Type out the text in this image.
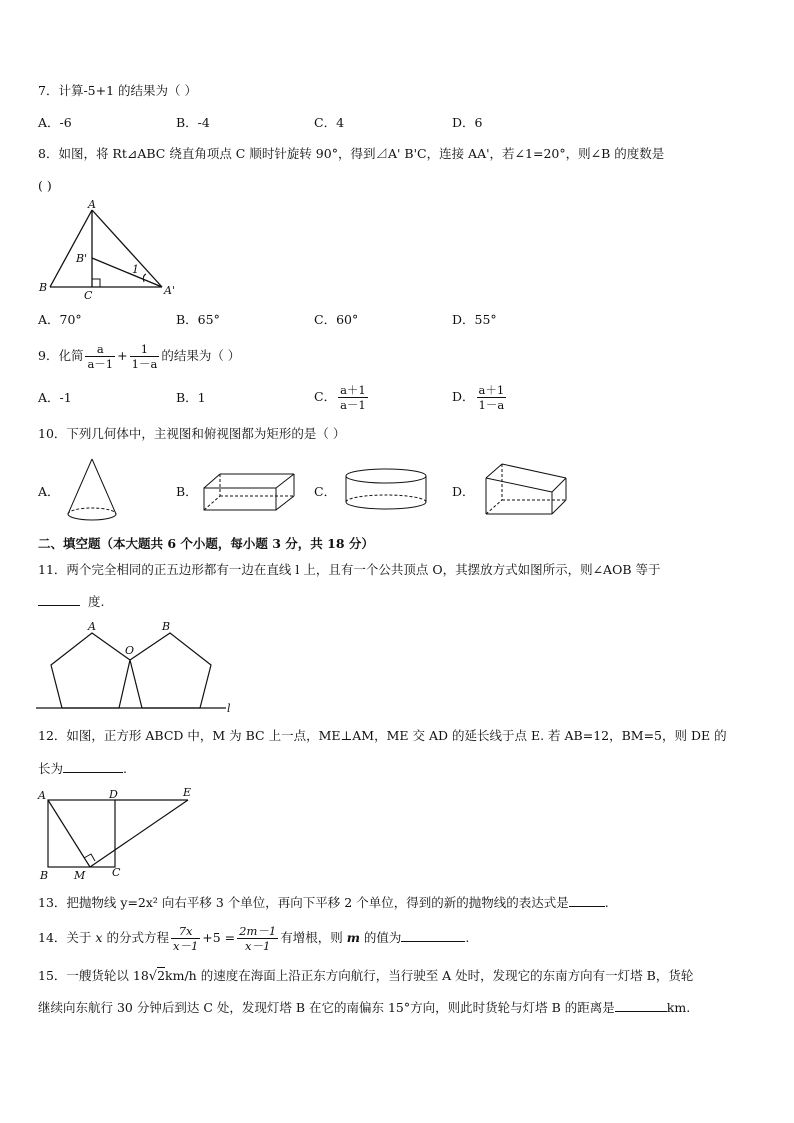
7．计算-5+1 的结果为（ ）
A．-6	B．-4	C．4	D．6
8．如图，将 Rt⊿ABC 绕直角项点 C 顺时针旋转 90°，得到⊿A' B'C，连接 AA'，若∠1=20°，则∠B 的度数是
( )
A
B'
1
B
C	A'
A．70°	B．65°	C．60°	D．55°
9．化简 $\frac{a}{a-1} + \frac{1}{1-a}$ 的结果为（ ）
A．-1	B．1	C． $\frac{a+1}{a-1}$	D． $\frac{a+1}{1-a}$
10．下列几何体中，主视图和俯视图都为矩形的是（ ）
A．	B．	C．	D．
二、填空题（本大题共 6 个小题，每小题 3 分，共 18 分）
11．两个完全相同的正五边形都有一边在直线 l 上，且有一个公共顶点 O，其摆放方式如图所示，则∠AOB 等于
度.
A
O
B
l
12．如图，正方形 ABCD 中，M 为 BC 上一点，ME⊥AM，ME 交 AD 的延长线于点 E. 若 AB=12，BM=5，则 DE 的
长为	.
A	D	E
B M C
13．把抛物线 y=2x² 向右平移 3 个单位，再向下平移 2 个单位，得到的新的抛物线的表达式是	.
14．关于 x 的分式方程 $\frac{7x}{x-1} +5 = \frac{2m-1}{x-1}$ 有增根，则 m 的值为	.
15．一艘货轮以 18√2km/h 的速度在海面上沿正东方向航行，当行驶至 A 处时，发现它的东南方向有一灯塔 B，货轮
继续向东航行 30 分钟后到达 C 处，发现灯塔 B 在它的南偏东 15°方向，则此时货轮与灯塔 B 的距离是	km.
